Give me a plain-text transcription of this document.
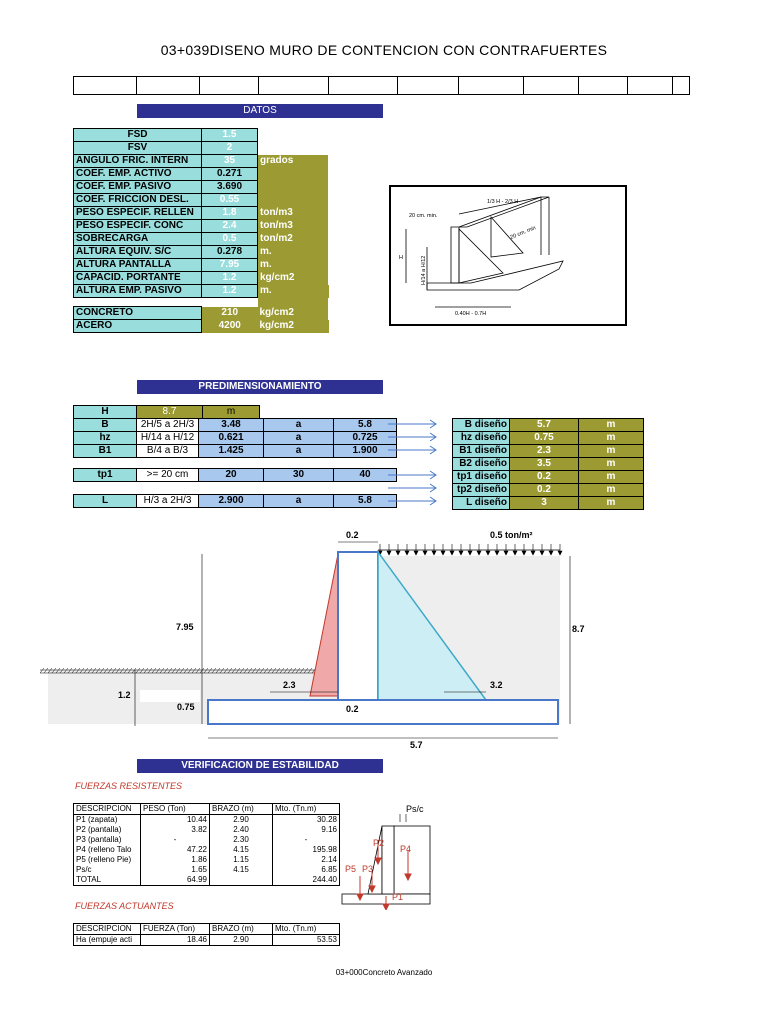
03+039DISENO MURO DE CONTENCION CON CONTRAFUERTES

DATOS
FSD	1.5	
FSV	2	
ANGULO FRIC. INTERN	35	grados
COEF. EMP. ACTIVO	0.271	
COEF. EMP. PASIVO	3.690	
COEF. FRICCION DESL.	0.55	
PESO ESPECIF. RELLEN	1.8	ton/m3
PESO ESPECIF. CONC	2.4	ton/m3
SOBRECARGA	0.5	ton/m2
ALTURA EQUIV. S/C	0.278	m.
ALTURA PANTALLA	7.95	m.
CAPACID. PORTANTE	1.2	kg/cm2
ALTURA EMP. PASIVO	1.2	m.

CONCRETO	210	kg/cm2
ACERO	4200	kg/cm2
1/3 H - 2/3 H
20 cm. min.
20 cm. min
H	H/14 a H/12
0.40H - 0.7H
PREDIMENSIONAMIENTO
H	8.7	m
B	2H/5 a 2H/3	3.48	a	5.8
hz	H/14 a H/12	0.621	a	0.725
B1	B/4 a B/3	1.425	a	1.900
tp1	>= 20 cm	20	30	40
L	H/3 a 2H/3	2.900	a	5.8
B diseño	5.7	m
hz diseño	0.75	m
B1 diseño	2.3	m
B2 diseño	3.5	m
tp1 diseño	0.2	m
tp2 diseño	0.2	m
L diseño	3	m
0.2	0.5 ton/m²
7.95	8.7
2.3	3.2
1.2
0.75	0.2
5.7
VERIFICACION DE ESTABILIDAD
FUERZAS RESISTENTES
DESCRIPCION	PESO (Ton)	BRAZO (m)	Mto. (Tn.m)
P1 (zapata)	10.44	2.90	30.28
P2 (pantalla)	3.82	2.40	9.16
P3 (pantalla)	-	2.30	-
P4 (relleno Talo	47.22	4.15	195.98
P5 (relleno Pie)	1.86	1.15	2.14
Ps/c	1.65	4.15	6.85
TOTAL	64.99		244.40
FUERZAS ACTUANTES
DESCRIPCION	FUERZA (Ton)	BRAZO (m)	Mto. (Tn.m)
Ha (empuje acti	18.46	2.90	53.53
Ps/c
P2
P4
P5 P3
P1
03+000Concreto Avanzado
